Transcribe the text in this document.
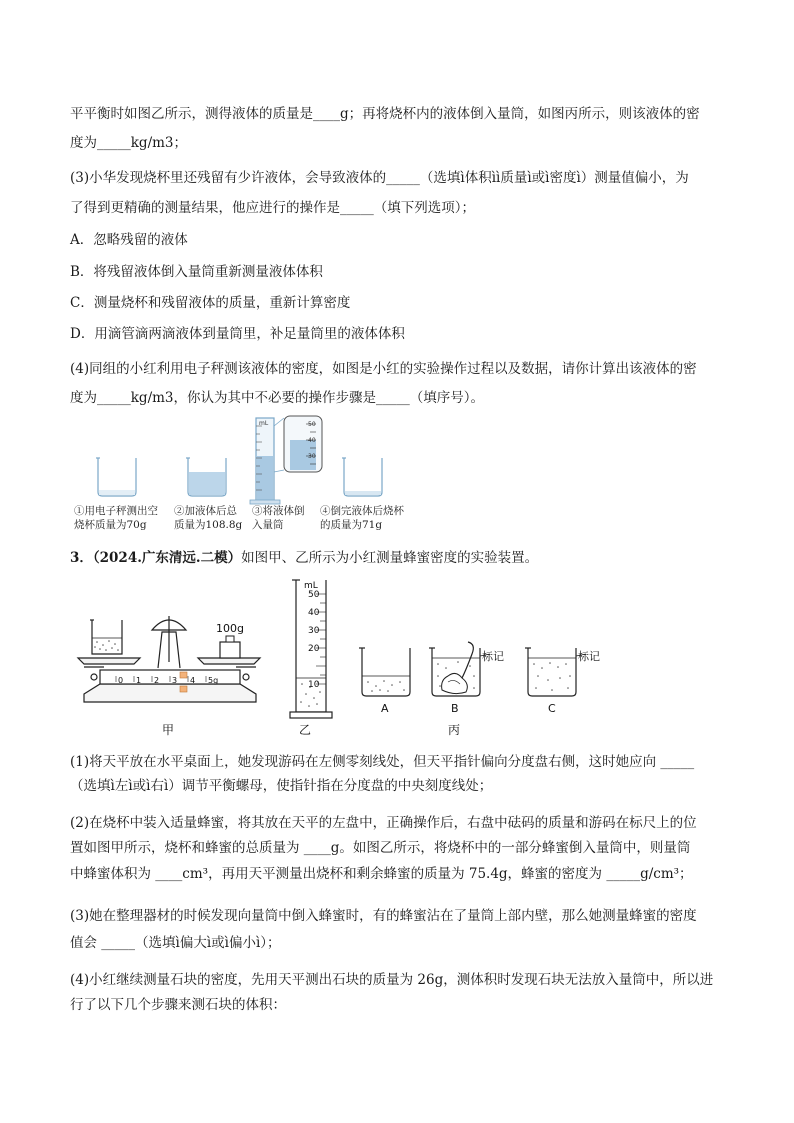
平平衡时如图乙所示，测得液体的质量是____g；再将烧杯内的液体倒入量筒，如图丙所示，则该液体的密
度为_____kg/m3；
(3)小华发现烧杯里还残留有少许液体，会导致液体的_____（选填ì体积ìì质量ì或ì密度ì）测量值偏小，为
了得到更精确的测量结果，他应进行的操作是_____（填下列选项）；
A．忽略残留的液体
B．将残留液体倒入量筒重新测量液体体积
C．测量烧杯和残留液体的质量，重新计算密度
D．用滴管滴两滴液体到量筒里，补足量筒里的液体体积
(4)同组的小红利用电子秤测该液体的密度，如图是小红的实验操作过程以及数据，请你计算出该液体的密
度为_____kg/m3，你认为其中不必要的操作步骤是_____（填序号）。
mL	50
40
30
①用电子秤测出空
烧杯质量为70g
②加液体后总
质量为108.8g
③将液体倒
入量筒
④倒完液体后烧杯
的质量为71g
3．（2024.广东清远.二模）如图甲、乙所示为小红测量蜂蜜密度的实验装置。
100g
0 1 2 3 4 5g
甲
mL
50
40
30
20
10
乙
A
标记
B
丙
标记
C
(1)将天平放在水平桌面上，她发现游码在左侧零刻线处，但天平指针偏向分度盘右侧，这时她应向 _____
（选填ì左ì或ì右ì）调节平衡螺母，使指针指在分度盘的中央刻度线处；
(2)在烧杯中装入适量蜂蜜，将其放在天平的左盘中，正确操作后，右盘中砝码的质量和游码在标尺上的位
置如图甲所示，烧杯和蜂蜜的总质量为 ____g。如图乙所示，将烧杯中的一部分蜂蜜倒入量筒中，则量筒
中蜂蜜体积为 ____cm³，再用天平测量出烧杯和剩余蜂蜜的质量为 75.4g，蜂蜜的密度为 _____g/cm³；
(3)她在整理器材的时候发现向量筒中倒入蜂蜜时，有的蜂蜜沾在了量筒上部内壁，那么她测量蜂蜜的密度
值会 _____（选填ì偏大ì或ì偏小ì）；
(4)小红继续测量石块的密度，先用天平测出石块的质量为 26g，测体积时发现石块无法放入量筒中，所以进
行了以下几个步骤来测石块的体积：
